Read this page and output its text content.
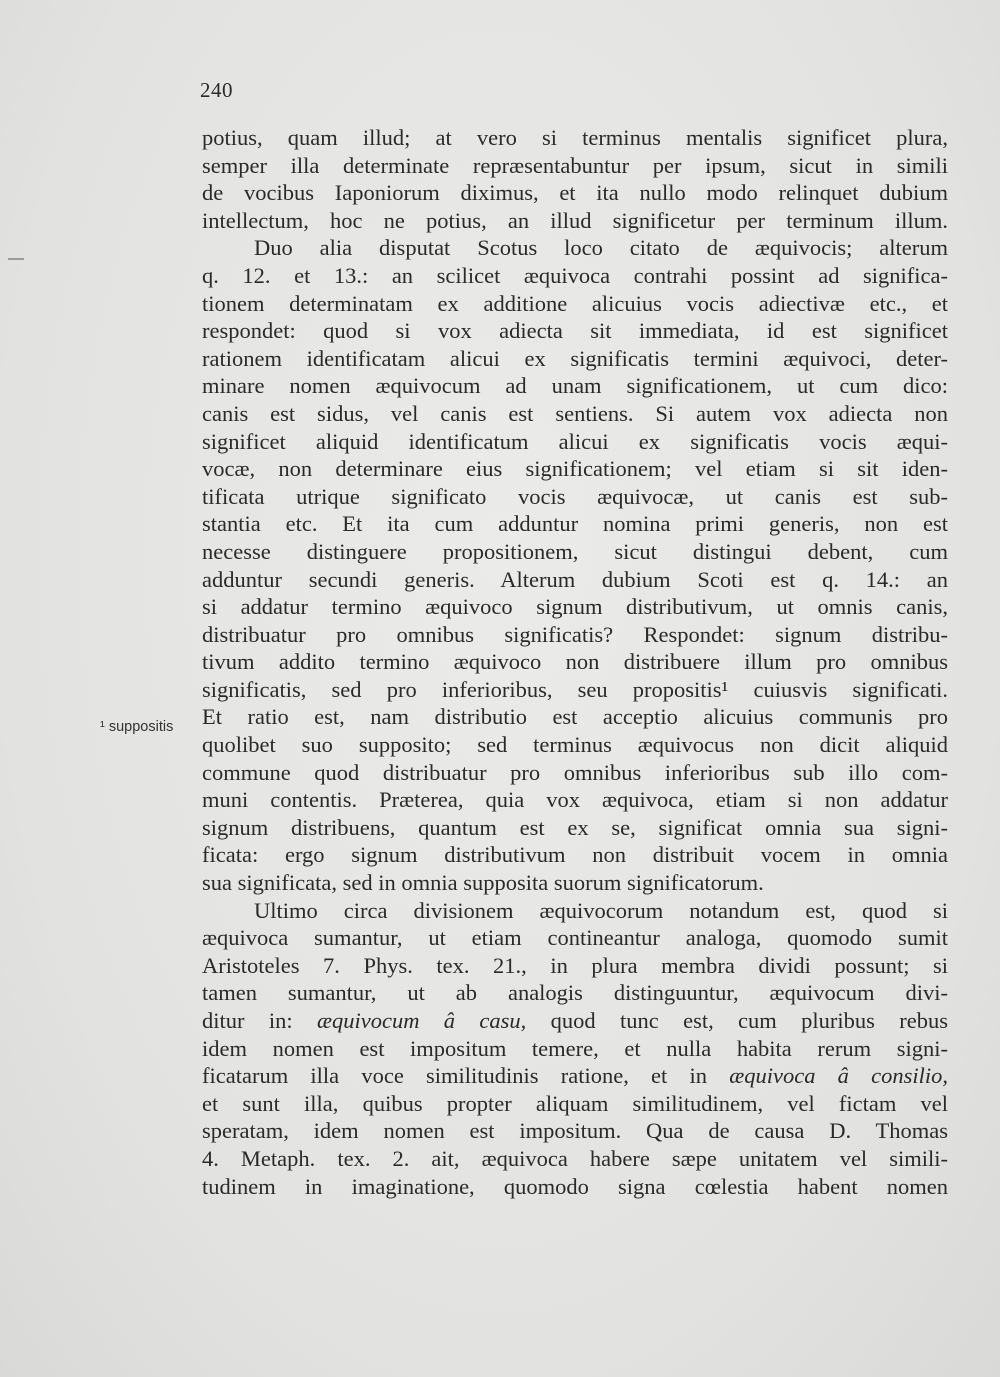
240
¹ suppositis
potius, quam illud; at vero si terminus mentalis significet plura,
semper illa determinate repræsentabuntur per ipsum, sicut in simili
de vocibus Iaponiorum diximus, et ita nullo modo relinquet dubium
intellectum, hoc ne potius, an illud significetur per terminum illum.
Duo alia disputat Scotus loco citato de æquivocis; alterum
q. 12. et 13.: an scilicet æquivoca contrahi possint ad significa-
tionem determinatam ex additione alicuius vocis adiectivæ etc., et
respondet: quod si vox adiecta sit immediata, id est significet
rationem identificatam alicui ex significatis termini æquivoci, deter-
minare nomen æquivocum ad unam significationem, ut cum dico:
canis est sidus, vel canis est sentiens. Si autem vox adiecta non
significet aliquid identificatum alicui ex significatis vocis æqui-
vocæ, non determinare eius significationem; vel etiam si sit iden-
tificata utrique significato vocis æquivocæ, ut canis est sub-
stantia etc. Et ita cum adduntur nomina primi generis, non est
necesse distinguere propositionem, sicut distingui debent, cum
adduntur secundi generis. Alterum dubium Scoti est q. 14.: an
si addatur termino æquivoco signum distributivum, ut omnis canis,
distribuatur pro omnibus significatis? Respondet: signum distribu-
tivum addito termino æquivoco non distribuere illum pro omnibus
significatis, sed pro inferioribus, seu propositis¹ cuiusvis significati.
Et ratio est, nam distributio est acceptio alicuius communis pro
quolibet suo supposito; sed terminus æquivocus non dicit aliquid
commune quod distribuatur pro omnibus inferioribus sub illo com-
muni contentis. Præterea, quia vox æquivoca, etiam si non addatur
signum distribuens, quantum est ex se, significat omnia sua signi-
ficata: ergo signum distributivum non distribuit vocem in omnia
sua significata, sed in omnia supposita suorum significatorum.
Ultimo circa divisionem æquivocorum notandum est, quod si
æquivoca sumantur, ut etiam contineantur analoga, quomodo sumit
Aristoteles 7. Phys. tex. 21., in plura membra dividi possunt; si
tamen sumantur, ut ab analogis distinguuntur, æquivocum divi-
ditur in: æquivocum â casu, quod tunc est, cum pluribus rebus
idem nomen est impositum temere, et nulla habita rerum signi-
ficatarum illa voce similitudinis ratione, et in æquivoca â consilio,
et sunt illa, quibus propter aliquam similitudinem, vel fictam vel
speratam, idem nomen est impositum. Qua de causa D. Thomas
4. Metaph. tex. 2. ait, æquivoca habere sæpe unitatem vel simili-
tudinem in imaginatione, quomodo signa cœlestia habent nomen
